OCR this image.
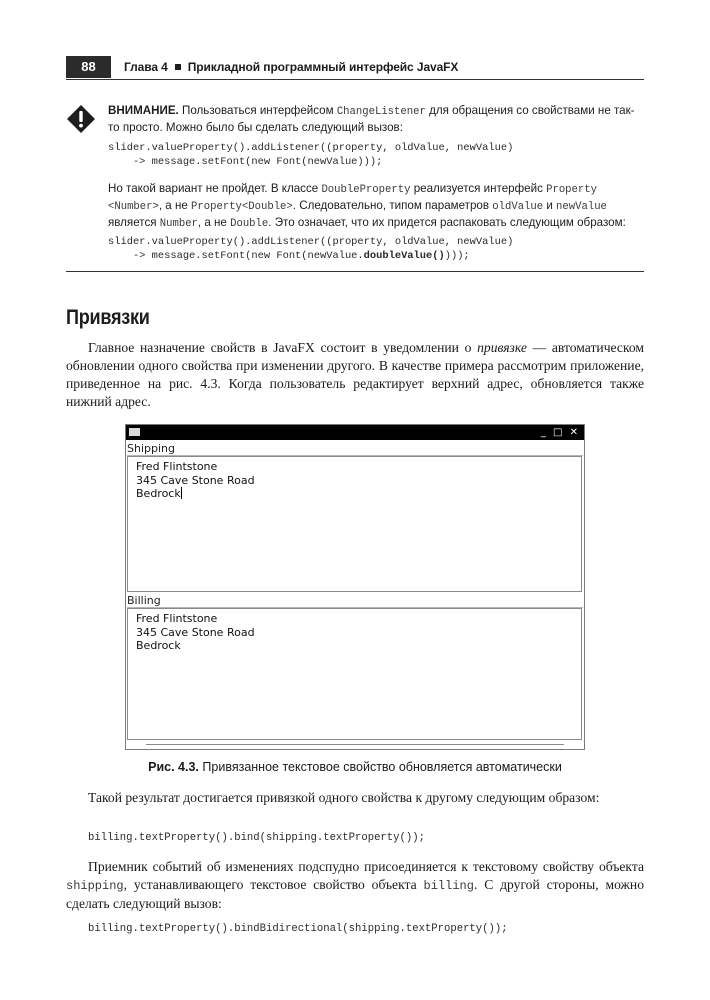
88	Глава 4 Прикладной программный интерфейс JavaFX
ВНИМАНИЕ. Пользоваться интерфейсом ChangeListener для обращения со свойствами не так-
то просто. Можно было бы сделать следующий вызов:
slider.valueProperty().addListener((property, oldValue, newValue)
-> message.setFont(new Font(newValue)));
Но такой вариант не пройдет. В классе DoubleProperty реализуется интерфейс Property
<Number>, а не Property<Double>. Следовательно, типом параметров oldValue и newValue
является Number, а не Double. Это означает, что их придется распаковать следующим образом:
slider.valueProperty().addListener((property, oldValue, newValue)
-> message.setFont(new Font(newValue.doubleValue())));
Привязки
Главное назначение свойств в JavaFX состоит в уведомлении о привязке — автоматическом обновлении одного свойства при изменении другого. В качестве примера рассмотрим приложение, приведенное на рис. 4.3. Когда пользователь редактирует верхний адрес, обновляется также нижний адрес.
_ □ ✕
Shipping
Fred Flintstone
345 Cave Stone Road
Bedrock
Billing
Fred Flintstone
345 Cave Stone Road
Bedrock
Рис. 4.3. Привязанное текстовое свойство обновляется автоматически
Такой результат достигается привязкой одного свойства к другому следующим образом:
billing.textProperty().bind(shipping.textProperty());
Приемник событий об изменениях подспудно присоединяется к текстовому свойству объекта shipping, устанавливающего текстовое свойство объекта billing. С другой стороны, можно сделать следующий вызов:
billing.textProperty().bindBidirectional(shipping.textProperty());
